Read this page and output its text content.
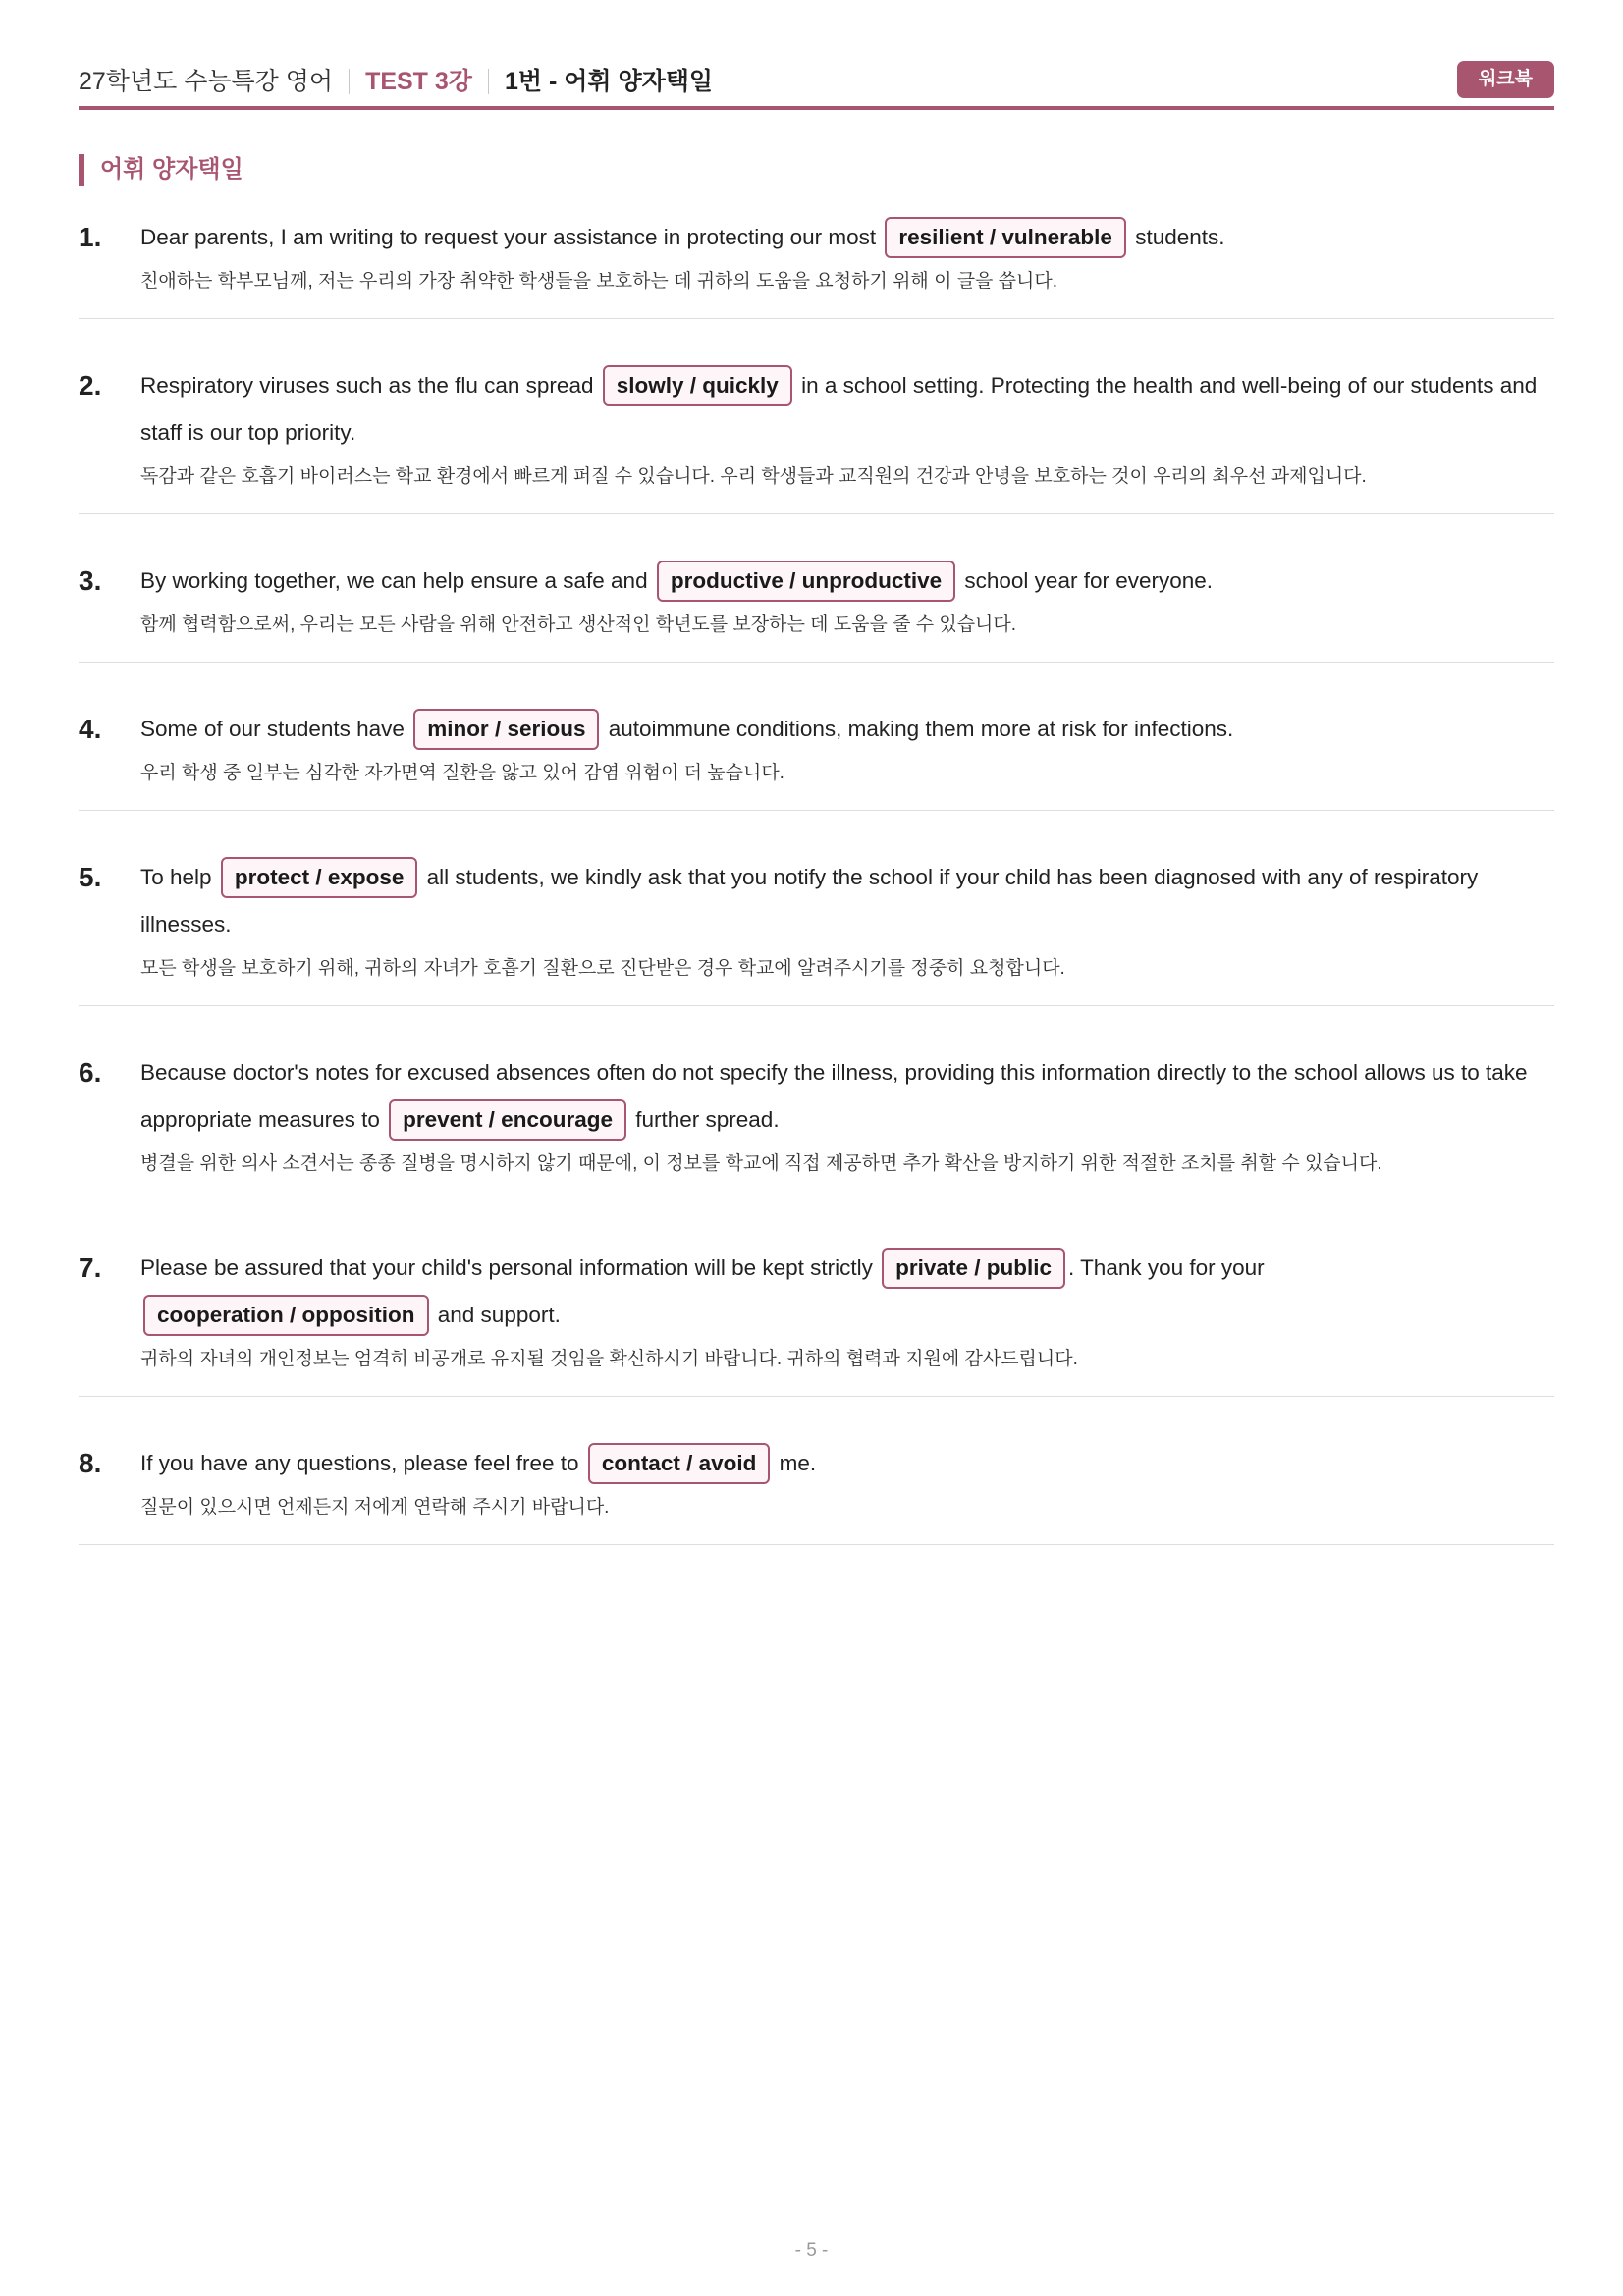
27학년도 수능특강 영어 TEST 3강 1번 - 어휘 양자택일	워크북
어휘 양자택일
1. Dear parents, I am writing to request your assistance in protecting our most resilient / vulnerable students.
친애하는 학부모님께, 저는 우리의 가장 취약한 학생들을 보호하는 데 귀하의 도움을 요청하기 위해 이 글을 씁니다.
2. Respiratory viruses such as the flu can spread slowly / quickly in a school setting. Protecting the health and well-being of our students and staff is our top priority.
독감과 같은 호흡기 바이러스는 학교 환경에서 빠르게 퍼질 수 있습니다. 우리 학생들과 교직원의 건강과 안녕을 보호하는 것이 우리의 최우선 과제입니다.
3. By working together, we can help ensure a safe and productive / unproductive school year for everyone.
함께 협력함으로써, 우리는 모든 사람을 위해 안전하고 생산적인 학년도를 보장하는 데 도움을 줄 수 있습니다.
4. Some of our students have minor / serious autoimmune conditions, making them more at risk for infections.
우리 학생 중 일부는 심각한 자가면역 질환을 앓고 있어 감염 위험이 더 높습니다.
5. To help protect / expose all students, we kindly ask that you notify the school if your child has been diagnosed with any of respiratory illnesses.
모든 학생을 보호하기 위해, 귀하의 자녀가 호흡기 질환으로 진단받은 경우 학교에 알려주시기를 정중히 요청합니다.
6. Because doctor's notes for excused absences often do not specify the illness, providing this information directly to the school allows us to take appropriate measures to prevent / encourage further spread.
병결을 위한 의사 소견서는 종종 질병을 명시하지 않기 때문에, 이 정보를 학교에 직접 제공하면 추가 확산을 방지하기 위한 적절한 조치를 취할 수 있습니다.
7. Please be assured that your child's personal information will be kept strictly private / public . Thank you for your cooperation / opposition and support.
귀하의 자녀의 개인정보는 엄격히 비공개로 유지될 것임을 확신하시기 바랍니다. 귀하의 협력과 지원에 감사드립니다.
8. If you have any questions, please feel free to contact / avoid me.
질문이 있으시면 언제든지 저에게 연락해 주시기 바랍니다.
- 5 -
